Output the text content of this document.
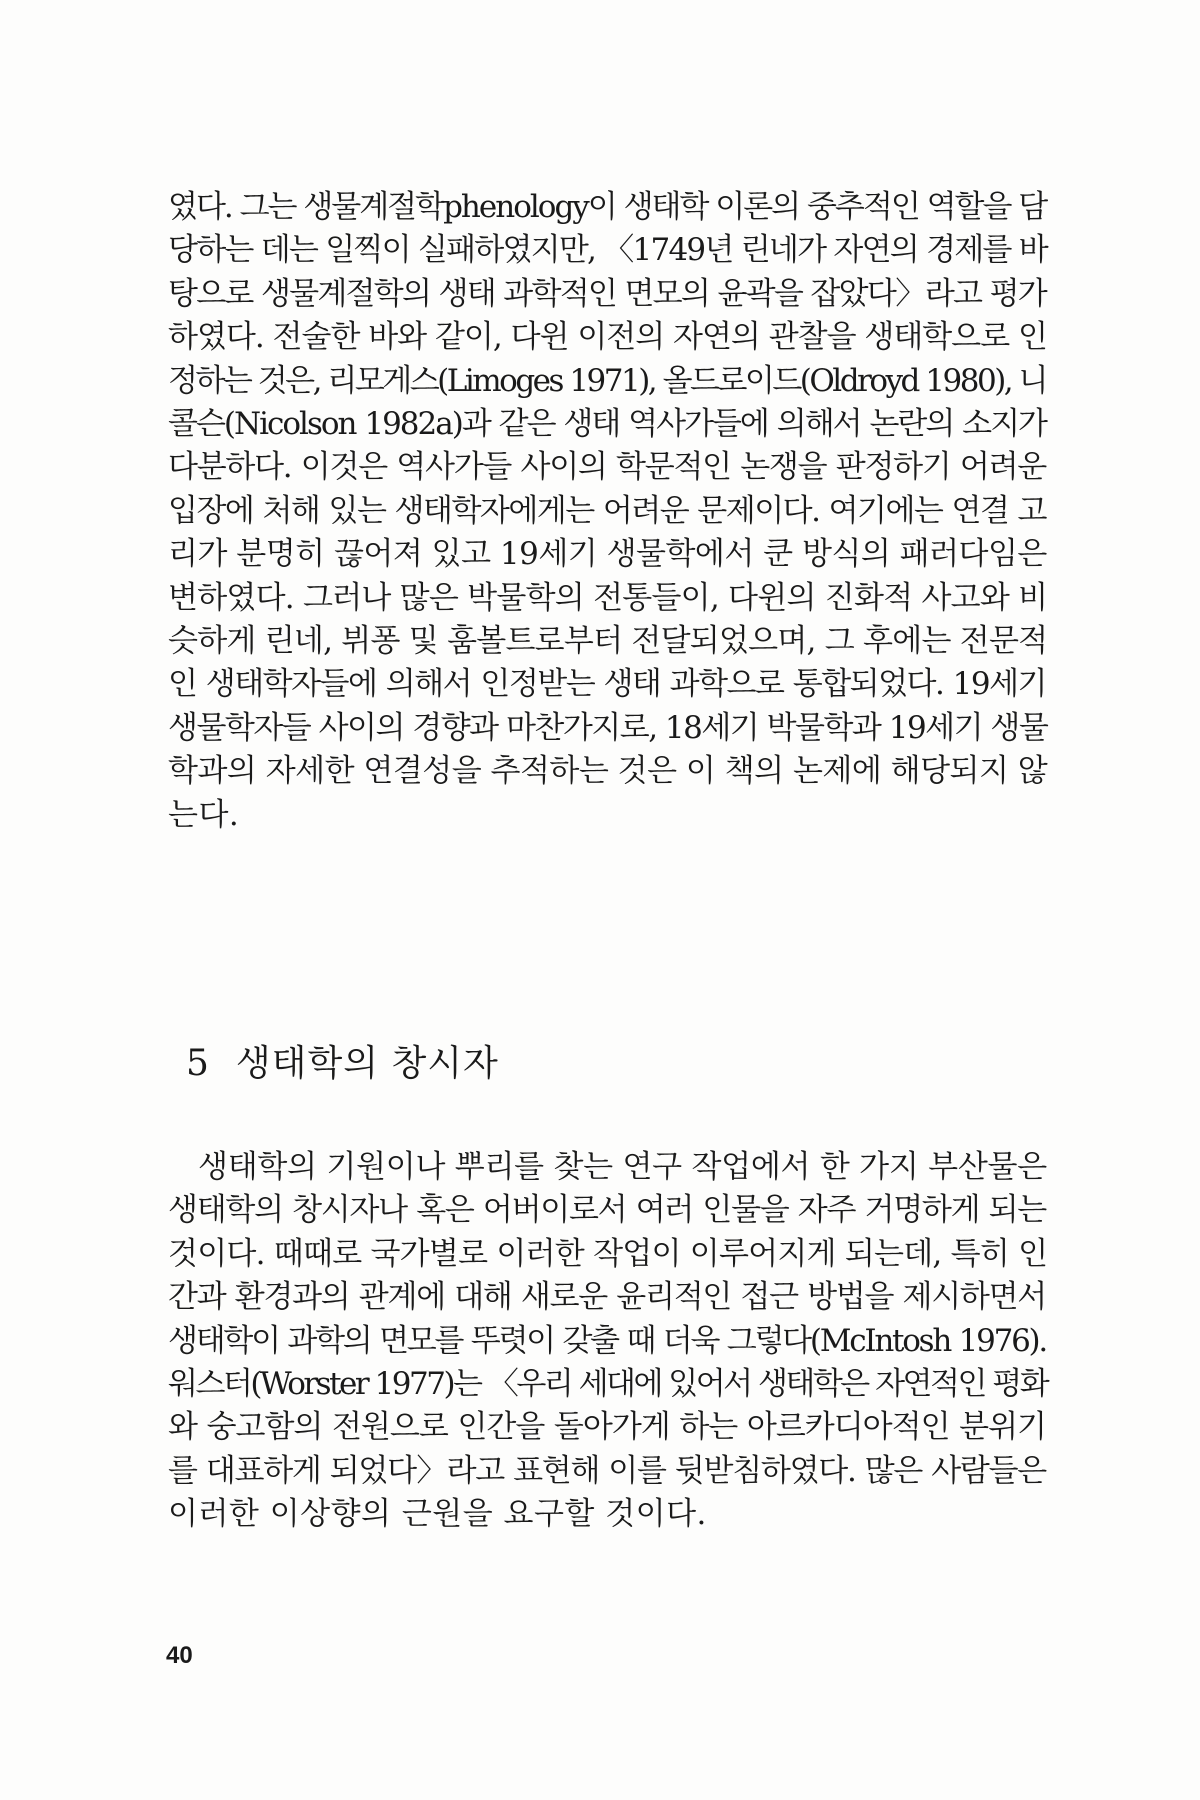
였다. 그는 생물계절학phenology이 생태학 이론의 중추적인 역할을 담
당하는 데는 일찍이 실패하였지만, 〈1749년 린네가 자연의 경제를 바
탕으로 생물계절학의 생태 과학적인 면모의 윤곽을 잡았다〉라고 평가
하였다. 전술한 바와 같이, 다윈 이전의 자연의 관찰을 생태학으로 인
정하는 것은, 리모게스(Limoges 1971), 올드로이드(Oldroyd 1980), 니
콜슨(Nicolson 1982a)과 같은 생태 역사가들에 의해서 논란의 소지가
다분하다. 이것은 역사가들 사이의 학문적인 논쟁을 판정하기 어려운
입장에 처해 있는 생태학자에게는 어려운 문제이다. 여기에는 연결 고
리가 분명히 끊어져 있고 19세기 생물학에서 쿤 방식의 패러다임은
변하였다. 그러나 많은 박물학의 전통들이, 다윈의 진화적 사고와 비
슷하게 린네, 뷔퐁 및 훔볼트로부터 전달되었으며, 그 후에는 전문적
인 생태학자들에 의해서 인정받는 생태 과학으로 통합되었다. 19세기
생물학자들 사이의 경향과 마찬가지로, 18세기 박물학과 19세기 생물
학과의 자세한 연결성을 추적하는 것은 이 책의 논제에 해당되지 않
는다.
5 생태학의 창시자
생태학의 기원이나 뿌리를 찾는 연구 작업에서 한 가지 부산물은
생태학의 창시자나 혹은 어버이로서 여러 인물을 자주 거명하게 되는
것이다. 때때로 국가별로 이러한 작업이 이루어지게 되는데, 특히 인
간과 환경과의 관계에 대해 새로운 윤리적인 접근 방법을 제시하면서
생태학이 과학의 면모를 뚜렷이 갖출 때 더욱 그렇다(McIntosh 1976).
워스터(Worster 1977)는 〈우리 세대에 있어서 생태학은 자연적인 평화
와 숭고함의 전원으로 인간을 돌아가게 하는 아르카디아적인 분위기
를 대표하게 되었다〉라고 표현해 이를 뒷받침하였다. 많은 사람들은
이러한 이상향의 근원을 요구할 것이다.
40
